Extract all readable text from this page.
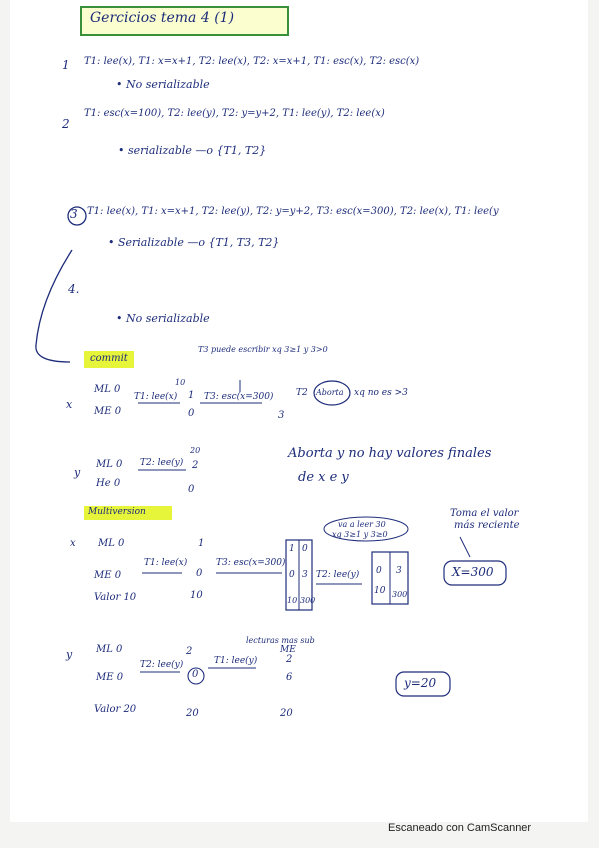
Gercicios tema 4 (1)
1 T1: lee(x), T1: x=x+1, T2: lee(x), T2: x=x+1, T1: esc(x), T2: esc(x)
• No serializable
2
T1: esc(x=100), T2: lee(y), T2: y=y+2, T1: lee(y), T2: lee(x)
• serializable —o {T1, T2}
3 T1: lee(x), T1: x=x+1, T2: lee(y), T2: y=y+2, T3: esc(x=300), T2: lee(x), T1: lee(y
• Serializable —o {T1, T3, T2}
4.
• No serializable
commit
T3 puede escribir xq 3≥1 y 3>0
x
ML 0
ME 0
T1: lee(x)
10
1
0
T3: esc(x=300)
3
T2 Aborta xq no es >3
y
ML 0
He 0
T2: lee(y)
20
2
0
Aborta y no hay valores finales
de x e y
Multiversion
x ML 0
ME 0
Valor 10
T1: lee(x)
1
0
10
T3: esc(x=300)
1 0
0 3
10 300
va a leer 30
xq 3≥1 y 3≥0
T2: lee(y) 0 3
10 300
Toma el valor
más reciente
X=300
y ML 0
ME 0
Valor 20
lecturas mas sub
ME
2
2
6
T2: lee(y)	T1: lee(y)
0
20	20
y=20
Escaneado con CamScanner
